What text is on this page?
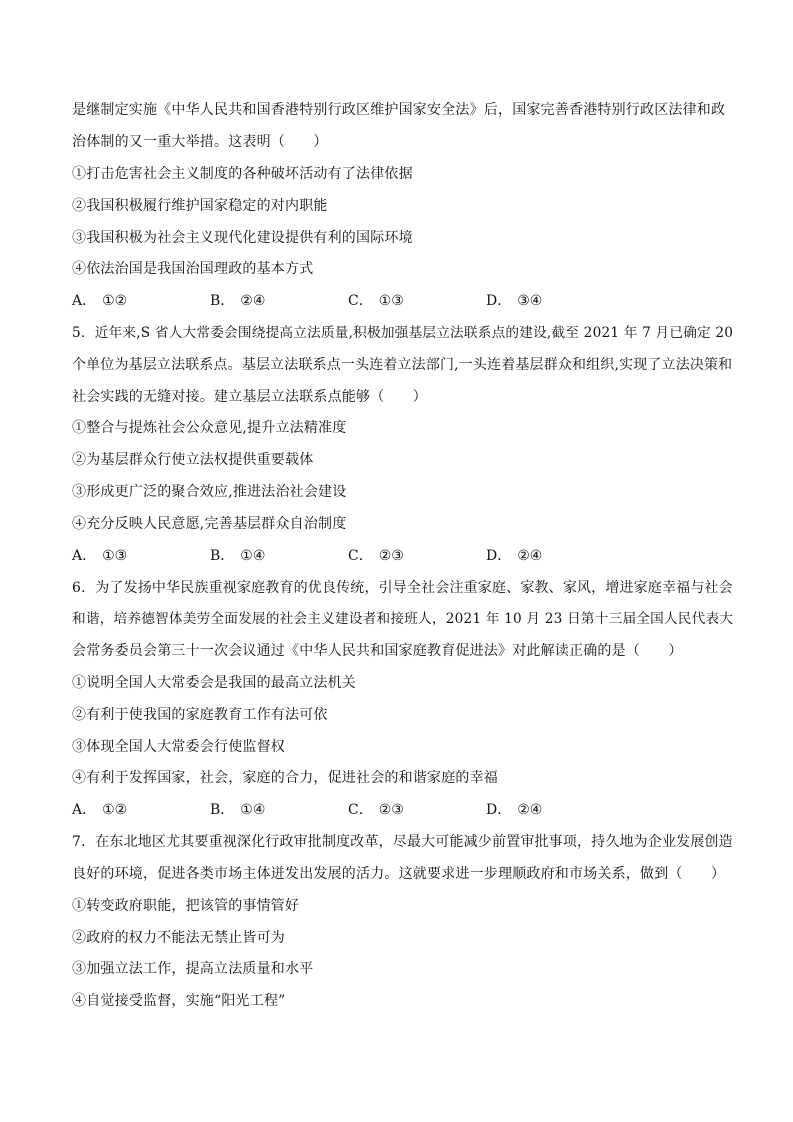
是继制定实施《中华人民共和国香港特别行政区维护国家安全法》后，国家完善香港特别行政区法律和政
治体制的又一重大举措。这表明（　　）
①打击危害社会主义制度的各种破坏活动有了法律依据
②我国积极履行维护国家稳定的对内职能
③我国积极为社会主义现代化建设提供有利的国际环境
④依法治国是我国治国理政的基本方式
A． ①②	B． ②④	C． ①③	D． ③④
5．近年来,S 省人大常委会围绕提高立法质量,积极加强基层立法联系点的建设,截至 2021 年 7 月已确定 20
个单位为基层立法联系点。基层立法联系点一头连着立法部门,一头连着基层群众和组织,实现了立法决策和
社会实践的无缝对接。建立基层立法联系点能够（　　）
①整合与提炼社会公众意见,提升立法精准度
②为基层群众行使立法权提供重要载体
③形成更广泛的聚合效应,推进法治社会建设
④充分反映人民意愿,完善基层群众自治制度
A． ①③	B． ①④	C． ②③	D． ②④
6．为了发扬中华民族重视家庭教育的优良传统，引导全社会注重家庭、家教、家风，增进家庭幸福与社会
和谐，培养德智体美劳全面发展的社会主义建设者和接班人，2021 年 10 月 23 日第十三届全国人民代表大
会常务委员会第三十一次会议通过《中华人民共和国家庭教育促进法》对此解读正确的是（　　）
①说明全国人大常委会是我国的最高立法机关
②有利于使我国的家庭教育工作有法可依
③体现全国人大常委会行使监督权
④有利于发挥国家，社会，家庭的合力，促进社会的和谐家庭的幸福
A． ①②	B． ①④	C． ②③	D． ②④
7．在东北地区尤其要重视深化行政审批制度改革，尽最大可能减少前置审批事项，持久地为企业发展创造
良好的环境，促进各类市场主体迸发出发展的活力。这就要求进一步理顺政府和市场关系，做到（　　）
①转变政府职能，把该管的事情管好
②政府的权力不能法无禁止皆可为
③加强立法工作，提高立法质量和水平
④自觉接受监督，实施“阳光工程”
